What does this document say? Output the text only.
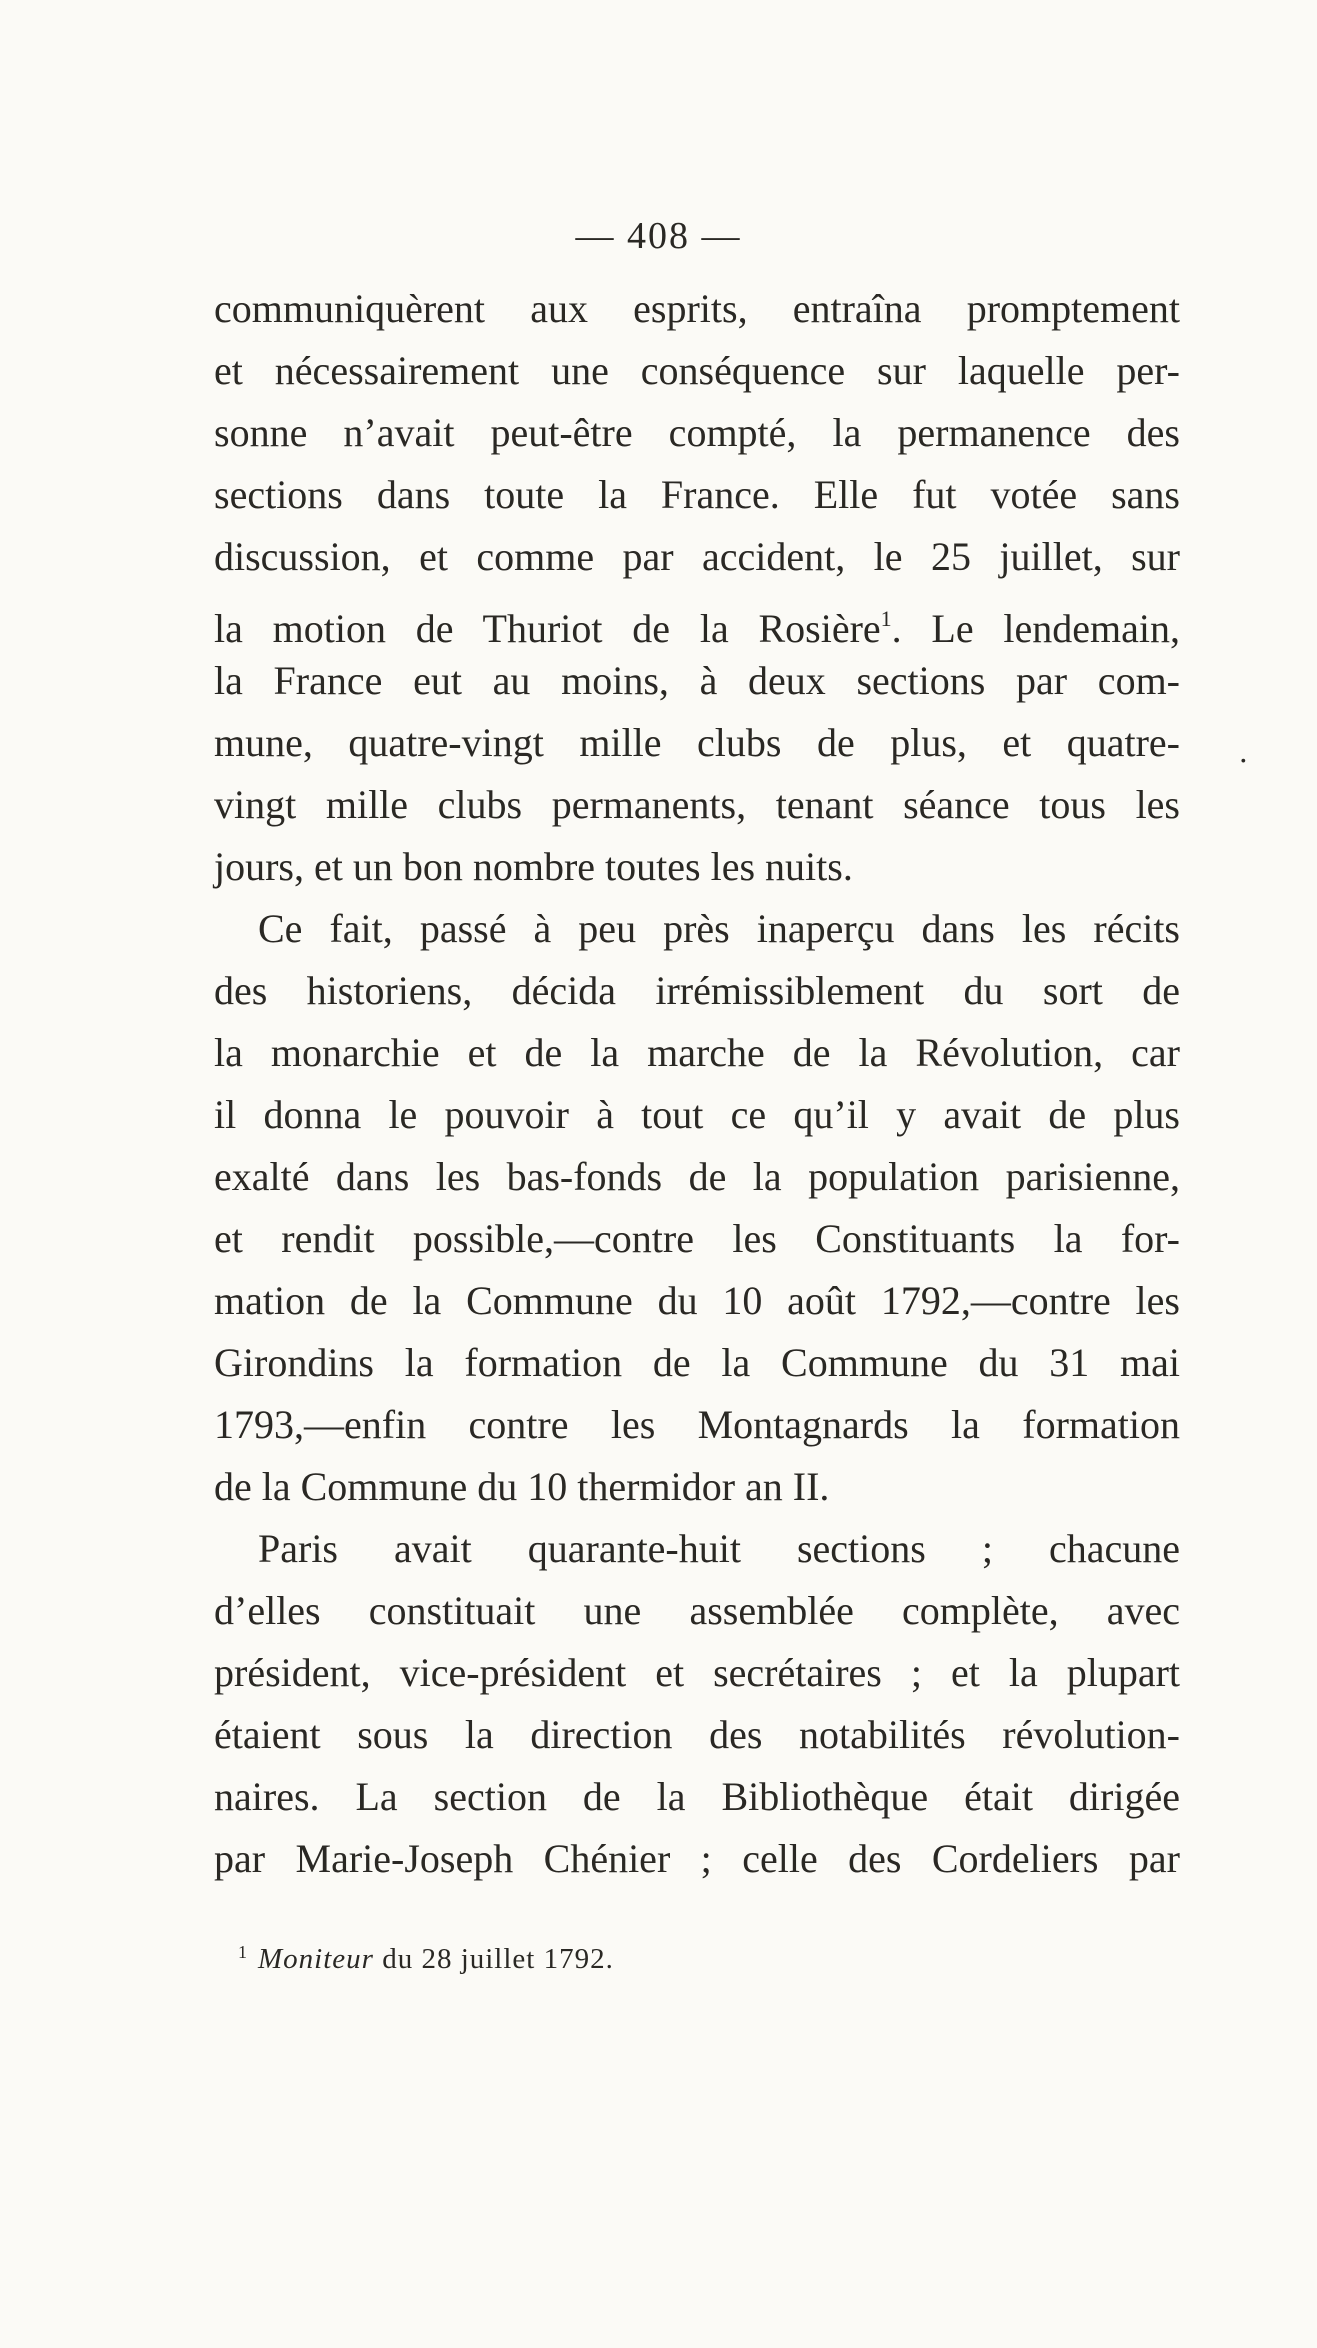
— 408 —
communiquèrent aux esprits, entraîna promptement
et nécessairement une conséquence sur laquelle per-
sonne n’avait peut-être compté, la permanence des
sections dans toute la France. Elle fut votée sans
discussion, et comme par accident, le 25 juillet, sur
la motion de Thuriot de la Rosière$^1$. Le lendemain,
la France eut au moins, à deux sections par com-
mune, quatre-vingt mille clubs de plus, et quatre-
vingt mille clubs permanents, tenant séance tous les
jours, et un bon nombre toutes les nuits.
Ce fait, passé à peu près inaperçu dans les récits
des historiens, décida irrémissiblement du sort de
la monarchie et de la marche de la Révolution, car
il donna le pouvoir à tout ce qu’il y avait de plus
exalté dans les bas-fonds de la population parisienne,
et rendit possible,—contre les Constituants la for-
mation de la Commune du 10 août 1792,—contre les
Girondins la formation de la Commune du 31 mai
1793,—enfin contre les Montagnards la formation
de la Commune du 10 thermidor an II.
Paris avait quarante-huit sections ; chacune
d’elles constituait une assemblée complète, avec
président, vice-président et secrétaires ; et la plupart
étaient sous la direction des notabilités révolution-
naires. La section de la Bibliothèque était dirigée
par Marie-Joseph Chénier ; celle des Cordeliers par
·
$^1$ Moniteur du 28 juillet 1792.
